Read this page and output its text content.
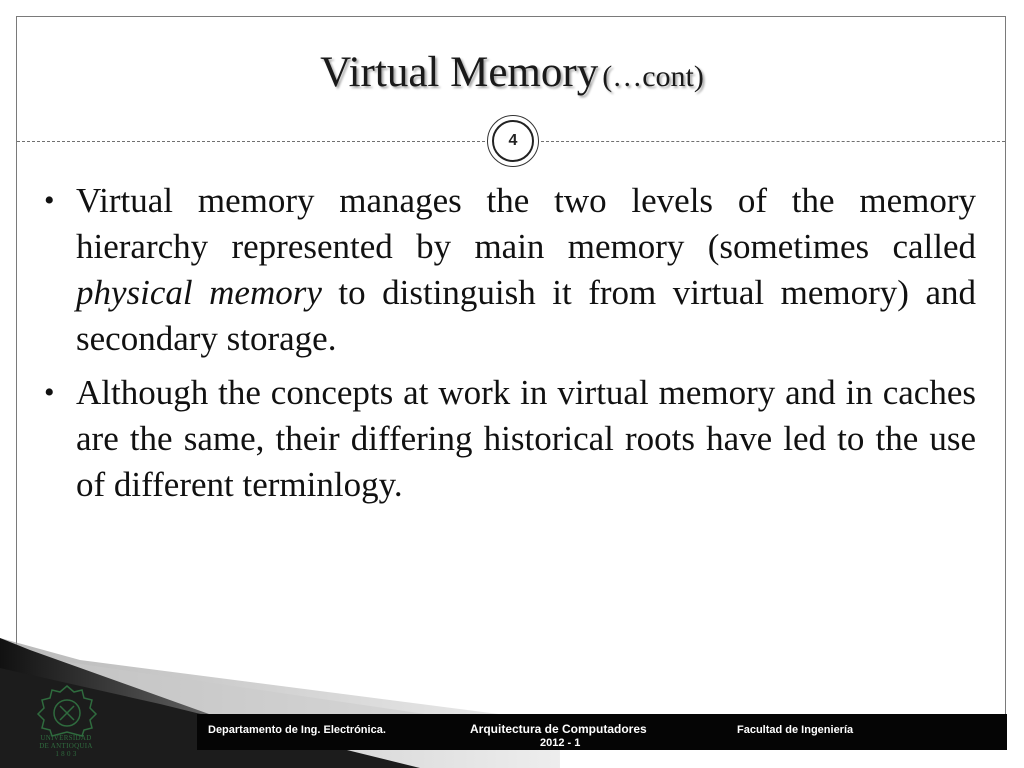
Virtual Memory (…cont)
4
• Virtual memory manages the two levels of the memory hierarchy represented by main memory (sometimes called physical memory to distinguish it from virtual memory) and secondary storage.
• Although the concepts at work in virtual memory and in caches are the same, their differing historical roots have led to the use of different terminlogy.
UNIVERSIDAD
DE ANTIOQUIA
1 8 0 3
Departamento de Ing. Electrónica.	Arquitectura de Computadores
2012 - 1
Facultad de Ingeniería
